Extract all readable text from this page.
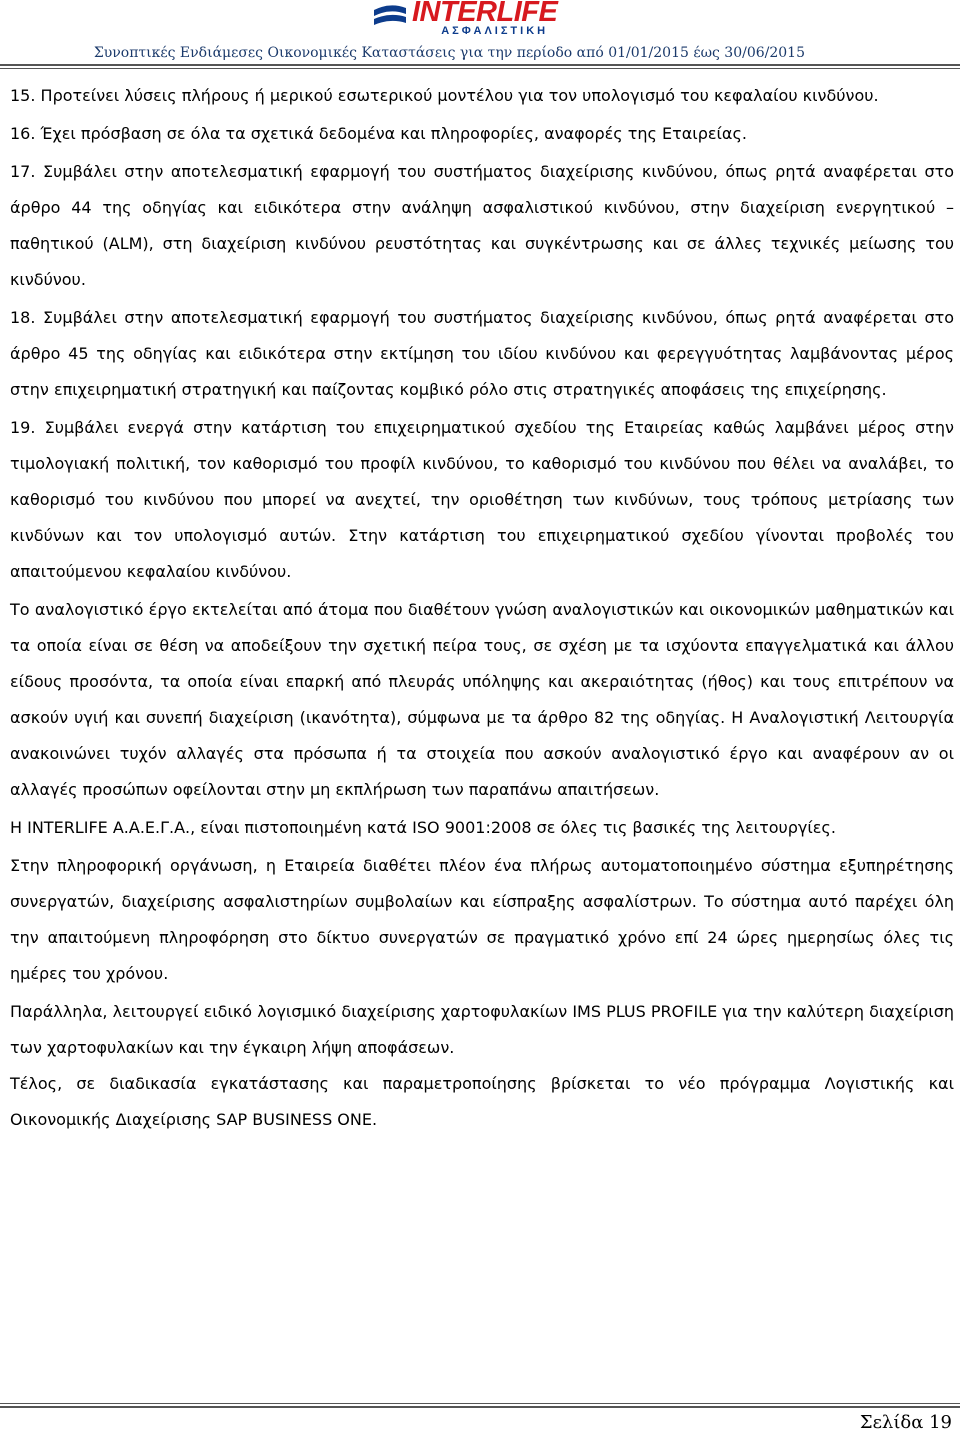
INTERLIFE
ΑΣΦΑΛΙΣΤΙΚΗ
Συνοπτικές Ενδιάμεσες Οικονομικές Καταστάσεις για την περίοδο από 01/01/2015 έως 30/06/2015

15. Προτείνει λύσεις πλήρους ή μερικού εσωτερικού μοντέλου για τον υπολογισμό του κεφαλαίου κινδύνου.

16. Έχει πρόσβαση σε όλα τα σχετικά δεδομένα και πληροφορίες, αναφορές της Εταιρείας.

17. Συμβάλει στην αποτελεσματική εφαρμογή του συστήματος διαχείρισης κινδύνου, όπως ρητά αναφέρεται στο άρθρο 44 της οδηγίας και ειδικότερα στην ανάληψη ασφαλιστικού κινδύνου, στην διαχείριση ενεργητικού – παθητικού (ALM), στη διαχείριση κινδύνου ρευστότητας και συγκέντρωσης και σε άλλες τεχνικές μείωσης του κινδύνου.

18. Συμβάλει στην αποτελεσματική εφαρμογή του συστήματος διαχείρισης κινδύνου, όπως ρητά αναφέρεται στο άρθρο 45 της οδηγίας και ειδικότερα στην εκτίμηση του ιδίου κινδύνου και φερεγγυότητας λαμβάνοντας μέρος στην επιχειρηματική στρατηγική και παίζοντας κομβικό ρόλο στις στρατηγικές αποφάσεις της επιχείρησης.

19. Συμβάλει ενεργά στην κατάρτιση του επιχειρηματικού σχεδίου της Εταιρείας καθώς λαμβάνει μέρος στην τιμολογιακή πολιτική, τον καθορισμό του προφίλ κινδύνου, το καθορισμό του κινδύνου που θέλει να αναλάβει, το καθορισμό του κινδύνου που μπορεί να ανεχτεί, την οριοθέτηση των κινδύνων, τους τρόπους μετρίασης των κινδύνων και τον υπολογισμό αυτών. Στην κατάρτιση του επιχειρηματικού σχεδίου γίνονται προβολές του απαιτούμενου κεφαλαίου κινδύνου.

Το αναλογιστικό έργο εκτελείται από άτομα που διαθέτουν γνώση αναλογιστικών και οικονομικών μαθηματικών και τα οποία είναι σε θέση να αποδείξουν την σχετική πείρα τους, σε σχέση με τα ισχύοντα επαγγελματικά και άλλου είδους προσόντα, τα οποία είναι επαρκή από πλευράς υπόληψης και ακεραιότητας (ήθος) και τους επιτρέπουν να ασκούν υγιή και συνεπή διαχείριση (ικανότητα), σύμφωνα με τα άρθρο 82 της οδηγίας. Η Αναλογιστική Λειτουργία ανακοινώνει τυχόν αλλαγές στα πρόσωπα ή τα στοιχεία που ασκούν αναλογιστικό έργο και αναφέρουν αν οι αλλαγές προσώπων οφείλονται στην μη εκπλήρωση των παραπάνω απαιτήσεων.

Η INTERLIFE Α.Α.Ε.Γ.Α., είναι πιστοποιημένη κατά ISO 9001:2008 σε όλες τις βασικές της λειτουργίες.

Στην πληροφορική οργάνωση, η Εταιρεία διαθέτει πλέον ένα πλήρως αυτοματοποιημένο σύστημα εξυπηρέτησης συνεργατών, διαχείρισης ασφαλιστηρίων συμβολαίων και είσπραξης ασφαλίστρων. Το σύστημα αυτό παρέχει όλη την απαιτούμενη πληροφόρηση στο δίκτυο συνεργατών σε πραγματικό χρόνο επί 24 ώρες ημερησίως όλες τις ημέρες του χρόνου.

Παράλληλα, λειτουργεί ειδικό λογισμικό διαχείρισης χαρτοφυλακίων IMS PLUS PROFILE για την καλύτερη διαχείριση των χαρτοφυλακίων και την έγκαιρη λήψη αποφάσεων.

Τέλος, σε διαδικασία εγκατάστασης και παραμετροποίησης βρίσκεται το νέο πρόγραμμα Λογιστικής και Οικονομικής Διαχείρισης SAP BUSINESS ONE.

Σελίδα 19
